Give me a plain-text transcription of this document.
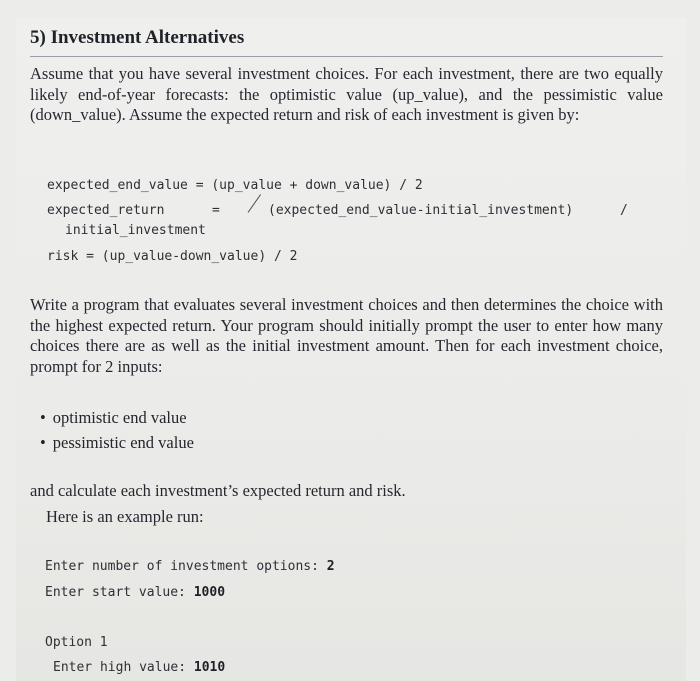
5) Investment Alternatives
Assume that you have several investment choices. For each investment, there are two equally likely end-of-year forecasts: the optimistic value (up_value), and the pessimistic value (down_value). Assume the expected return and risk of each investment is given by:
expected_end_value = (up_value + down_value) / 2
expected_return	=	(expected_end_value-initial_investment)	/
initial_investment
risk = (up_value-down_value) / 2
Write a program that evaluates several investment choices and then determines the choice with the highest expected return. Your program should initially prompt the user to enter how many choices there are as well as the initial investment amount. Then for each investment choice, prompt for 2 inputs:
• optimistic end value
• pessimistic end value
and calculate each investment’s expected return and risk.
Here is an example run:
Enter number of investment options: 2
Enter start value: 1000
Option 1
Enter high value: 1010
